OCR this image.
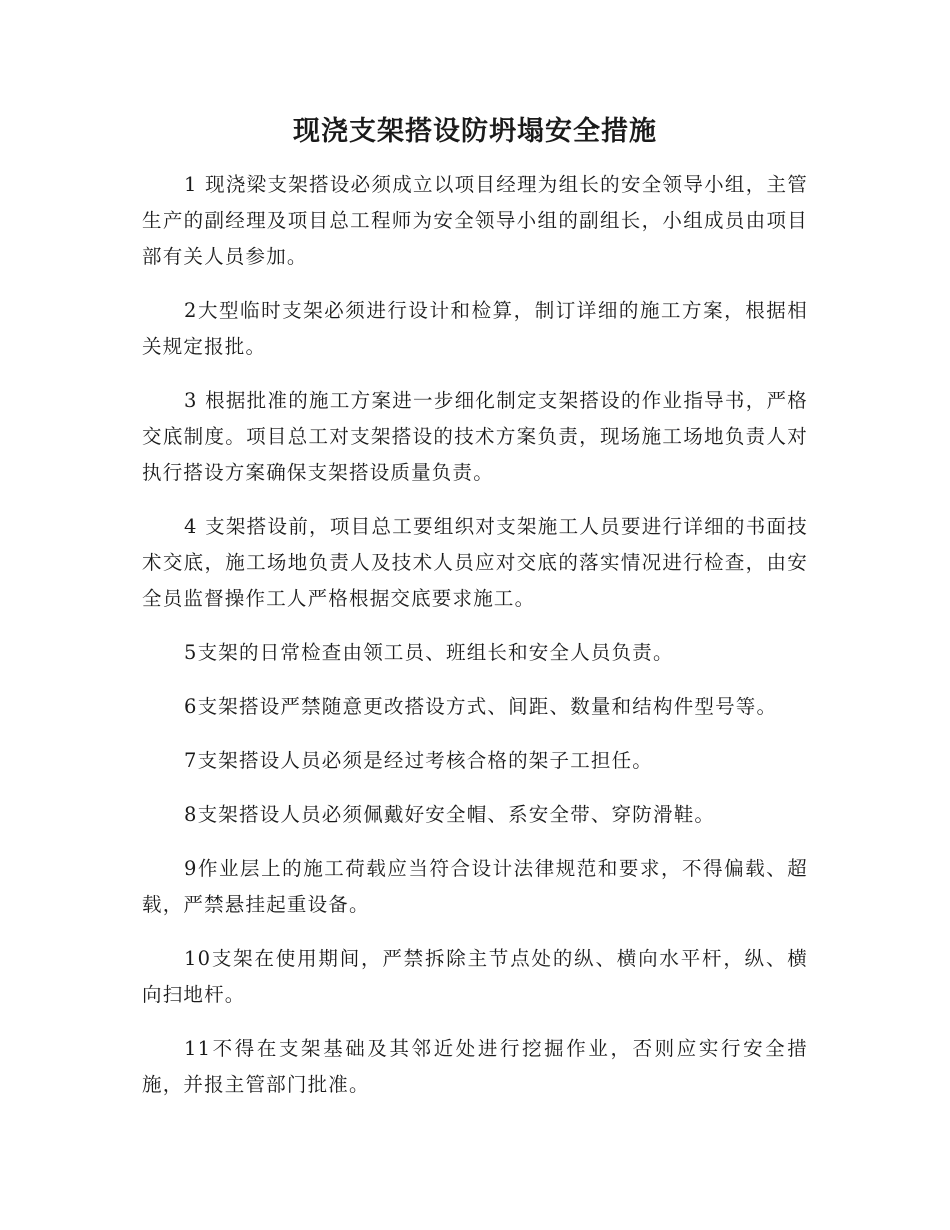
现浇支架搭设防坍塌安全措施

1 现浇梁支架搭设必须成立以项目经理为组长的安全领导小组，主管生产的副经理及项目总工程师为安全领导小组的副组长，小组成员由项目部有关人员参加。

2大型临时支架必须进行设计和检算，制订详细的施工方案，根据相关规定报批。

3 根据批准的施工方案进一步细化制定支架搭设的作业指导书，严格交底制度。项目总工对支架搭设的技术方案负责，现场施工场地负责人对执行搭设方案确保支架搭设质量负责。

4 支架搭设前，项目总工要组织对支架施工人员要进行详细的书面技术交底，施工场地负责人及技术人员应对交底的落实情况进行检查，由安全员监督操作工人严格根据交底要求施工。

5支架的日常检查由领工员、班组长和安全人员负责。

6支架搭设严禁随意更改搭设方式、间距、数量和结构件型号等。

7支架搭设人员必须是经过考核合格的架子工担任。

8支架搭设人员必须佩戴好安全帽、系安全带、穿防滑鞋。

9作业层上的施工荷载应当符合设计法律规范和要求，不得偏载、超载，严禁悬挂起重设备。

10支架在使用期间，严禁拆除主节点处的纵、横向水平杆，纵、横向扫地杆。

11不得在支架基础及其邻近处进行挖掘作业，否则应实行安全措施，并报主管部门批准。
